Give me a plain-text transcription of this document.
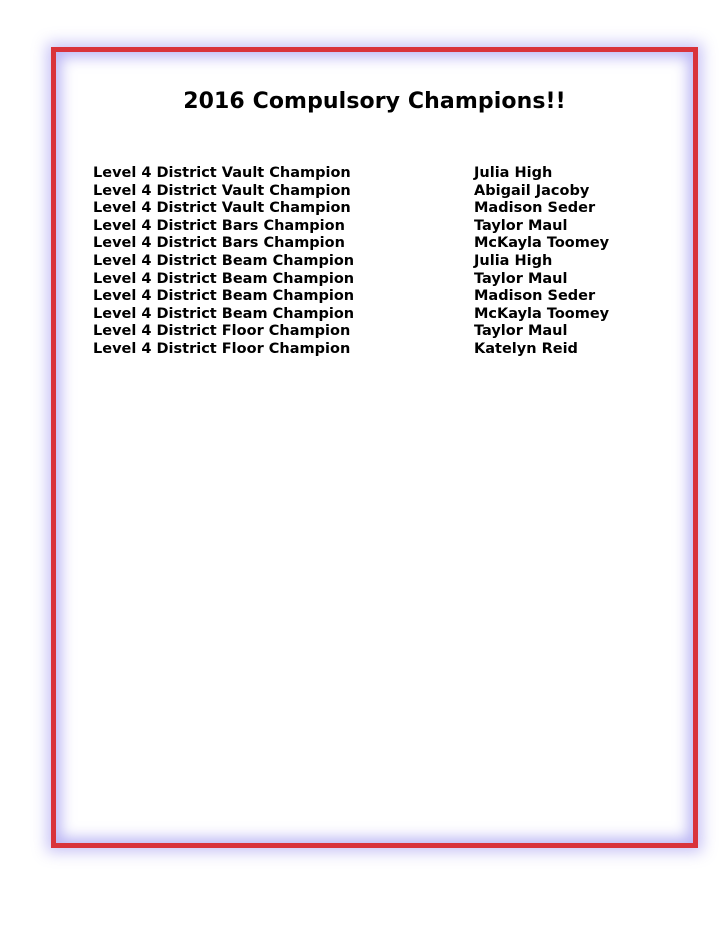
2016 Compulsory Champions!!
Level 4 District Vault Champion	Julia High
Level 4 District Vault Champion	Abigail Jacoby
Level 4 District Vault Champion	Madison Seder
Level 4 District Bars Champion	Taylor Maul
Level 4 District Bars Champion	McKayla Toomey
Level 4 District Beam Champion	Julia High
Level 4 District Beam Champion	Taylor Maul
Level 4 District Beam Champion	Madison Seder
Level 4 District Beam Champion	McKayla Toomey
Level 4 District Floor Champion	Taylor Maul
Level 4 District Floor Champion	Katelyn Reid
